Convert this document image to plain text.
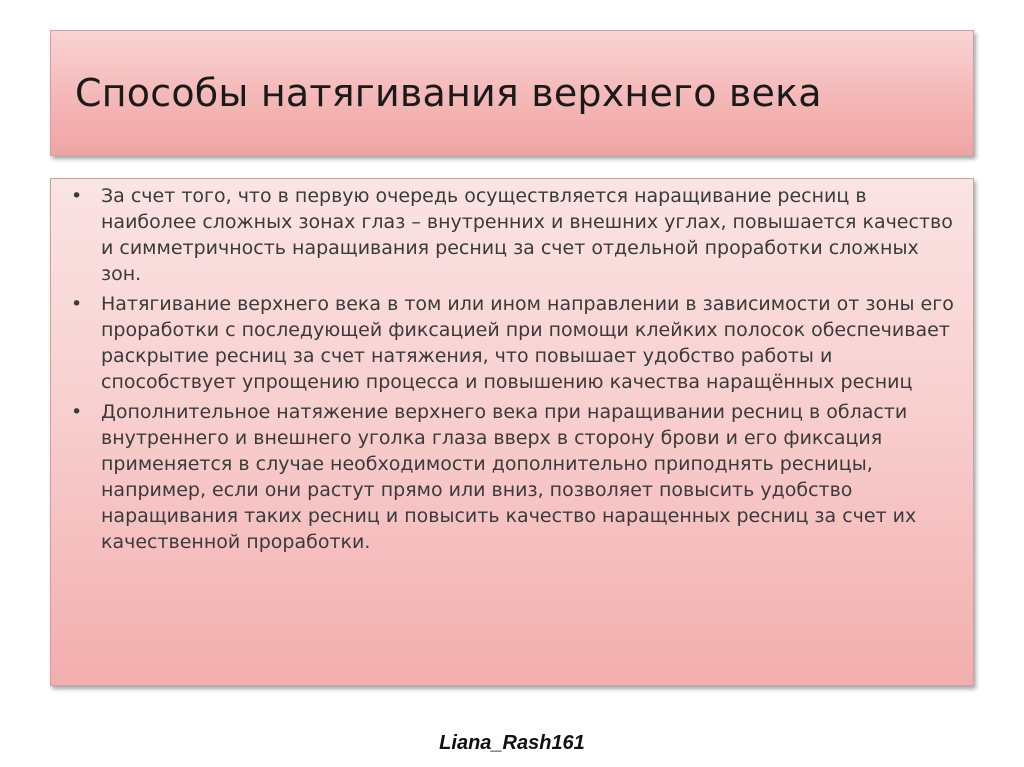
Способы натягивания верхнего века
• За счет того, что в первую очередь осуществляется наращивание ресниц в наиболее сложных зонах глаз – внутренних и внешних углах, повышается качество и симметричность наращивания ресниц за счет отдельной проработки сложных зон.
• Натягивание верхнего века в том или ином направлении в зависимости от зоны его проработки с последующей фиксацией при помощи клейких полосок обеспечивает раскрытие ресниц за счет натяжения, что повышает удобство работы и способствует упрощению процесса и повышению качества наращённых ресниц
• Дополнительное натяжение верхнего века при наращивании ресниц в области внутреннего и внешнего уголка глаза вверх в сторону брови и его фиксация применяется в случае необходимости дополнительно приподнять ресницы, например, если они растут прямо или вниз, позволяет повысить удобство наращивания таких ресниц и повысить качество наращенных ресниц за счет их качественной проработки.
Liana_Rash161
